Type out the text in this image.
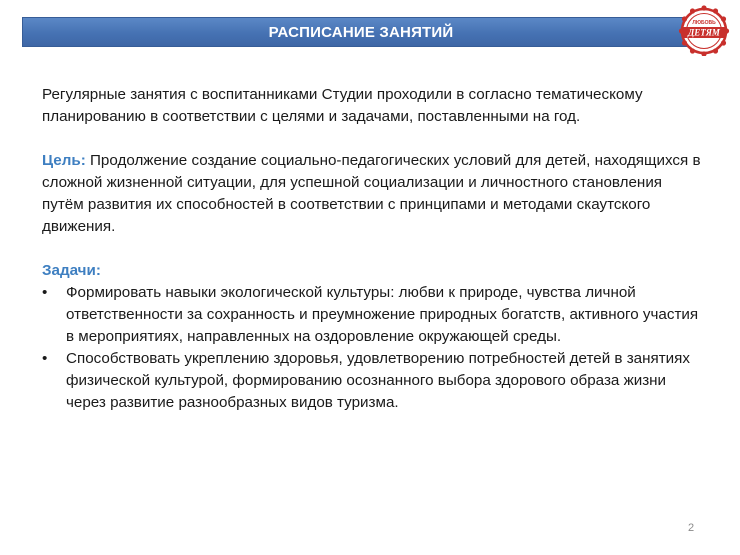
РАСПИСАНИЕ ЗАНЯТИЙ
ЛЮБОВЬ
ДЕТЯМ

Регулярные занятия с воспитанниками Студии проходили в согласно тематическому планированию в соответствии с целями и задачами, поставленными на год.

Цель: Продолжение создание социально-педагогических условий для детей, находящихся в сложной жизненной ситуации, для успешной социализации и личностного становления путём развития их способностей в соответствии с принципами и методами скаутского движения.

Задачи:

• Формировать навыки экологической культуры: любви к природе, чувства личной ответственности за сохранность и преумножение природных богатств, активного участия в мероприятиях, направленных на оздоровление окружающей среды.
• Способствовать укреплению здоровья, удовлетворению потребностей детей в занятиях физической культурой, формированию осознанного выбора здорового образа жизни через развитие разнообразных видов туризма.
2
